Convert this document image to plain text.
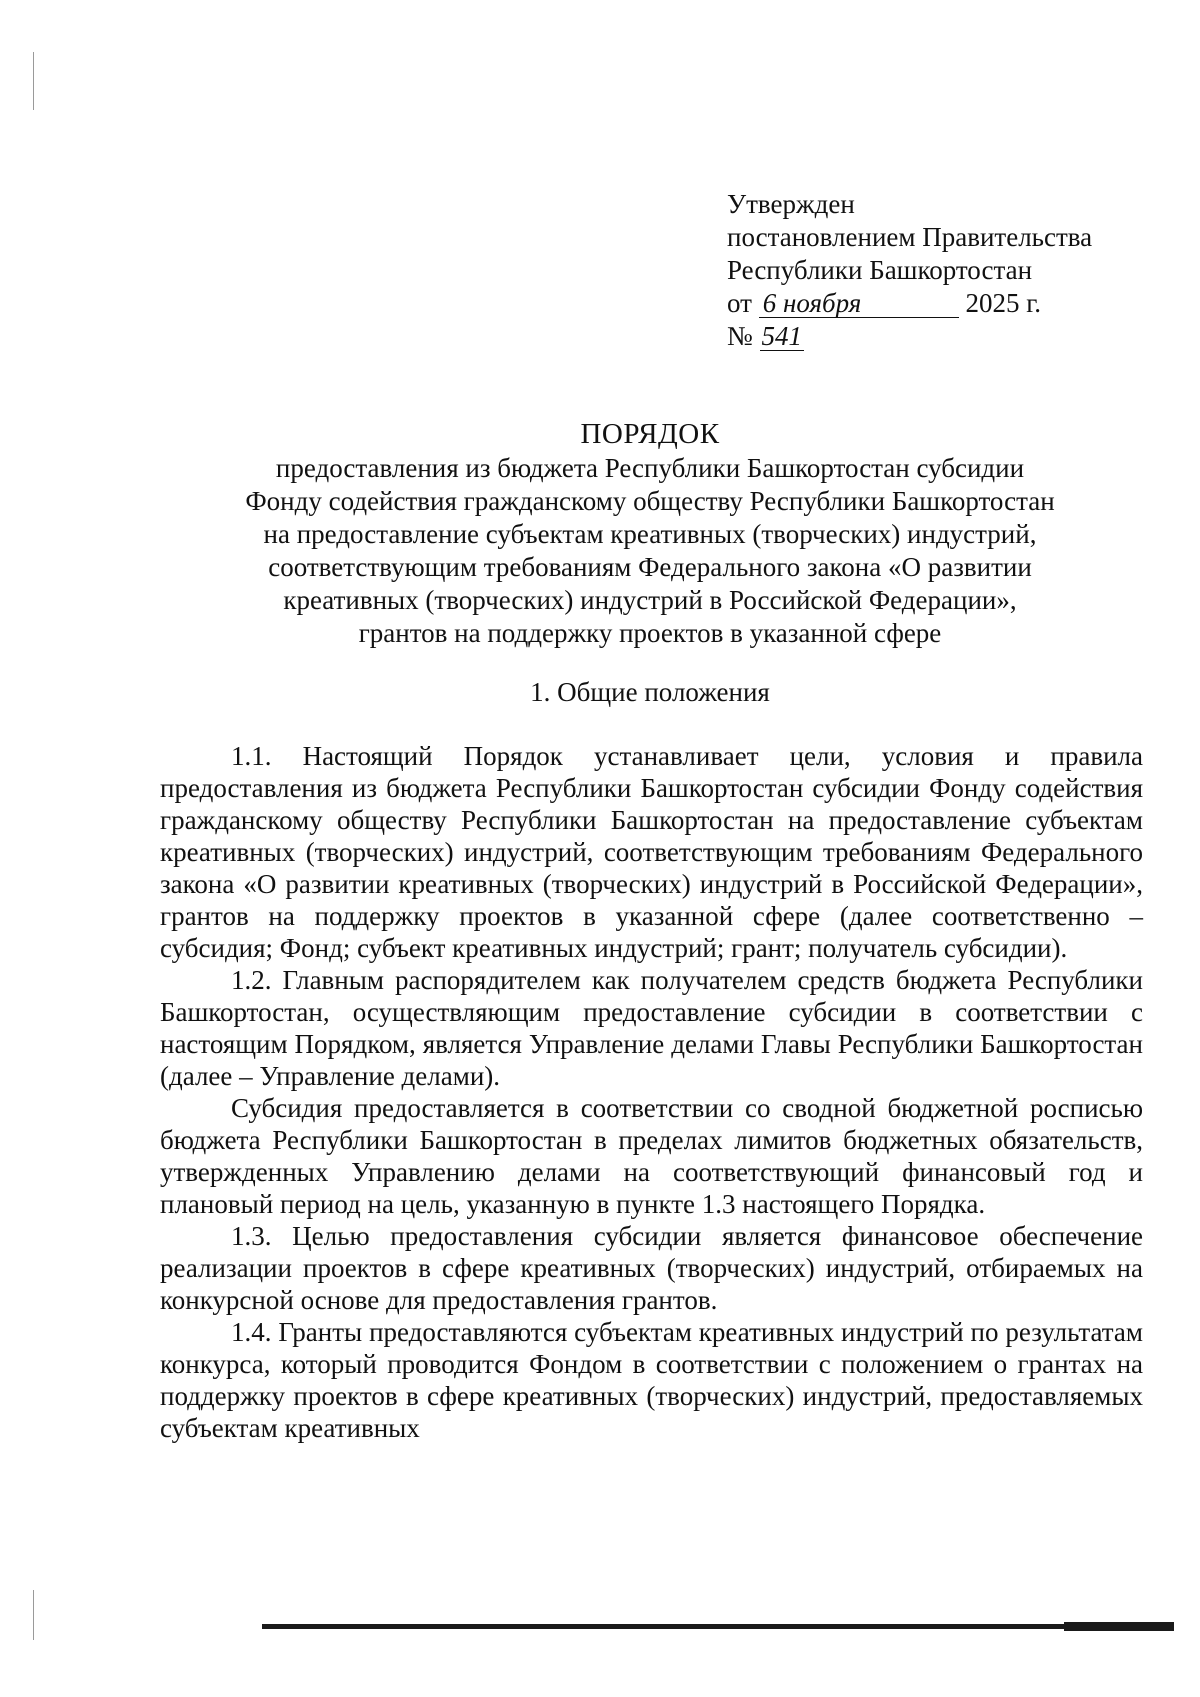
Утвержден
постановлением Правительства
Республики Башкортостан
от 6 ноября	2025 г.
№ 541
ПОРЯДОК
предоставления из бюджета Республики Башкортостан субсидии
Фонду содействия гражданскому обществу Республики Башкортостан
на предоставление субъектам креативных (творческих) индустрий,
соответствующим требованиям Федерального закона «О развитии
креативных (творческих) индустрий в Российской Федерации»,
грантов на поддержку проектов в указанной сфере
1. Общие положения

1.1. Настоящий Порядок устанавливает цели, условия и правила предоставления из бюджета Республики Башкортостан субсидии Фонду содействия гражданскому обществу Республики Башкортостан на предоставление субъектам креативных (творческих) индустрий, соответствующим требованиям Федерального закона «О развитии креативных (творческих) индустрий в Российской Федерации», грантов на поддержку проектов в указанной сфере (далее соответственно – субсидия; Фонд; субъект креативных индустрий; грант; получатель субсидии).

1.2. Главным распорядителем как получателем средств бюджета Республики Башкортостан, осуществляющим предоставление субсидии в соответствии с настоящим Порядком, является Управление делами Главы Республики Башкортостан (далее – Управление делами).

Субсидия предоставляется в соответствии со сводной бюджетной росписью бюджета Республики Башкортостан в пределах лимитов бюджетных обязательств, утвержденных Управлению делами на соответствующий финансовый год и плановый период на цель, указанную в пункте 1.3 настоящего Порядка.

1.3. Целью предоставления субсидии является финансовое обеспечение реализации проектов в сфере креативных (творческих) индустрий, отбираемых на конкурсной основе для предоставления грантов.

1.4. Гранты предоставляются субъектам креативных индустрий по результатам конкурса, который проводится Фондом в соответствии с положением о грантах на поддержку проектов в сфере креативных (творческих) индустрий, предоставляемых субъектам креативных
